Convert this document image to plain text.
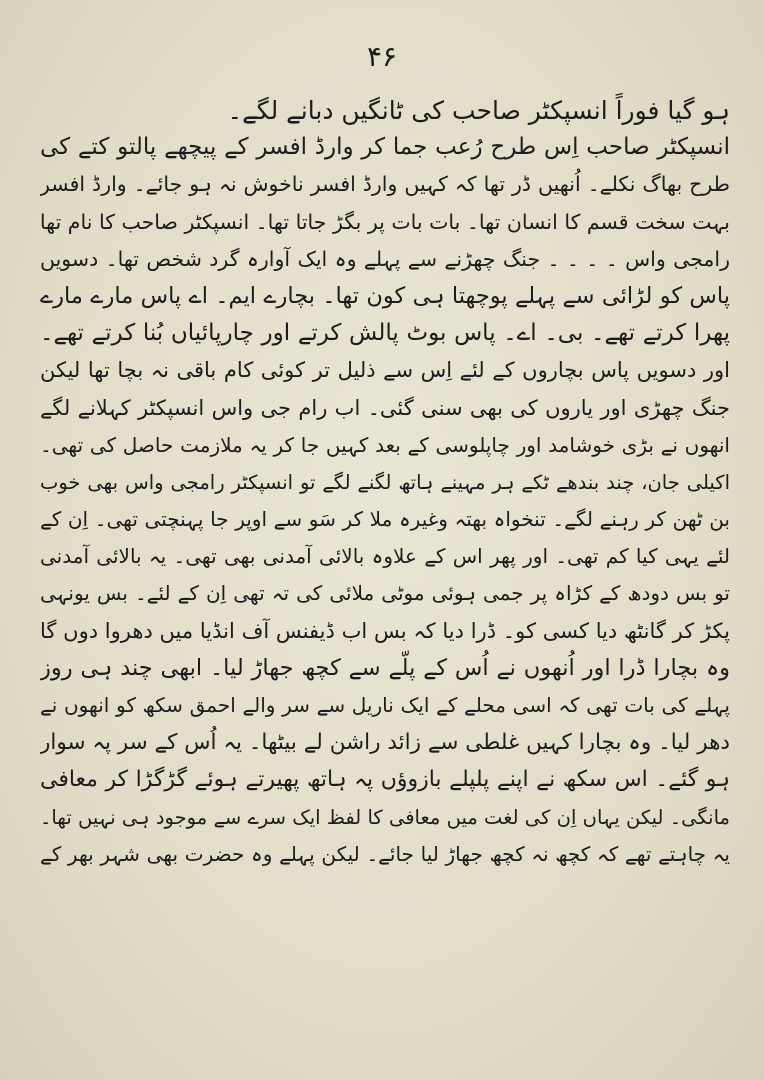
۴۶
ہو گیا فوراً انسپکٹر صاحب کی ٹانگیں دبانے لگے۔
انسپکٹر صاحب اِس طرح رُعب جما کر وارڈ افسر کے پیچھے پالتو کتے کی
طرح بھاگ نکلے۔ اُنھیں ڈر تھا کہ کہیں وارڈ افسر ناخوش نہ ہو جائے۔ وارڈ افسر
بہت سخت قسم کا انسان تھا۔ بات بات پر بگڑ جاتا تھا۔ انسپکٹر صاحب کا نام تھا
رامجی واس ۔ ۔ ۔ ۔ جنگ چھڑنے سے پہلے وہ ایک آوارہ گرد شخص تھا۔ دسویں
پاس کو لڑائی سے پہلے پوچھتا ہی کون تھا۔ بچارے ایم۔ اے پاس مارے مارے
پھرا کرتے تھے۔ بی۔ اے۔ پاس بوٹ پالش کرتے اور چارپائیاں بُنا کرتے تھے۔
اور دسویں پاس بچاروں کے لئے اِس سے ذلیل تر کوئی کام باقی نہ بچا تھا لیکن
جنگ چھڑی اور یاروں کی بھی سنی گئی۔ اب رام جی واس انسپکٹر کہلانے لگے
انھوں نے بڑی خوشامد اور چاپلوسی کے بعد کہیں جا کر یہ ملازمت حاصل کی تھی۔
اکیلی جان، چند بندھے ٹکے ہر مہینے ہاتھ لگنے لگے تو انسپکٹر رامجی واس بھی خوب
بن ٹھن کر رہنے لگے۔ تنخواہ بھتہ وغیرہ ملا کر سَو سے اوپر جا پہنچتی تھی۔ اِن کے
لئے یہی کیا کم تھی۔ اور پھر اس کے علاوہ بالائی آمدنی بھی تھی۔ یہ بالائی آمدنی
تو بس دودھ کے کڑاہ پر جمی ہوئی موٹی ملائی کی تہ تھی اِن کے لئے۔ بس یونہی
پکڑ کر گانٹھ دیا کسی کو۔ ڈرا دیا کہ بس اب ڈیفنس آف انڈیا میں دھروا دوں گا
وہ بچارا ڈرا اور اُنھوں نے اُس کے پلّے سے کچھ جھاڑ لیا۔ ابھی چند ہی روز
پہلے کی بات تھی کہ اسی محلے کے ایک ناریل سے سر والے احمق سکھ کو انھوں نے
دھر لیا۔ وہ بچارا کہیں غلطی سے زائد راشن لے بیٹھا۔ یہ اُس کے سر پہ سوار
ہو گئے۔ اس سکھ نے اپنے پلپلے بازوؤں پہ ہاتھ پھیرتے ہوئے گڑگڑا کر معافی
مانگی۔ لیکن یہاں اِن کی لغت میں معافی کا لفظ ایک سرے سے موجود ہی نہیں تھا۔
یہ چاہتے تھے کہ کچھ نہ کچھ جھاڑ لیا جائے۔ لیکن پہلے وہ حضرت بھی شہر بھر کے
